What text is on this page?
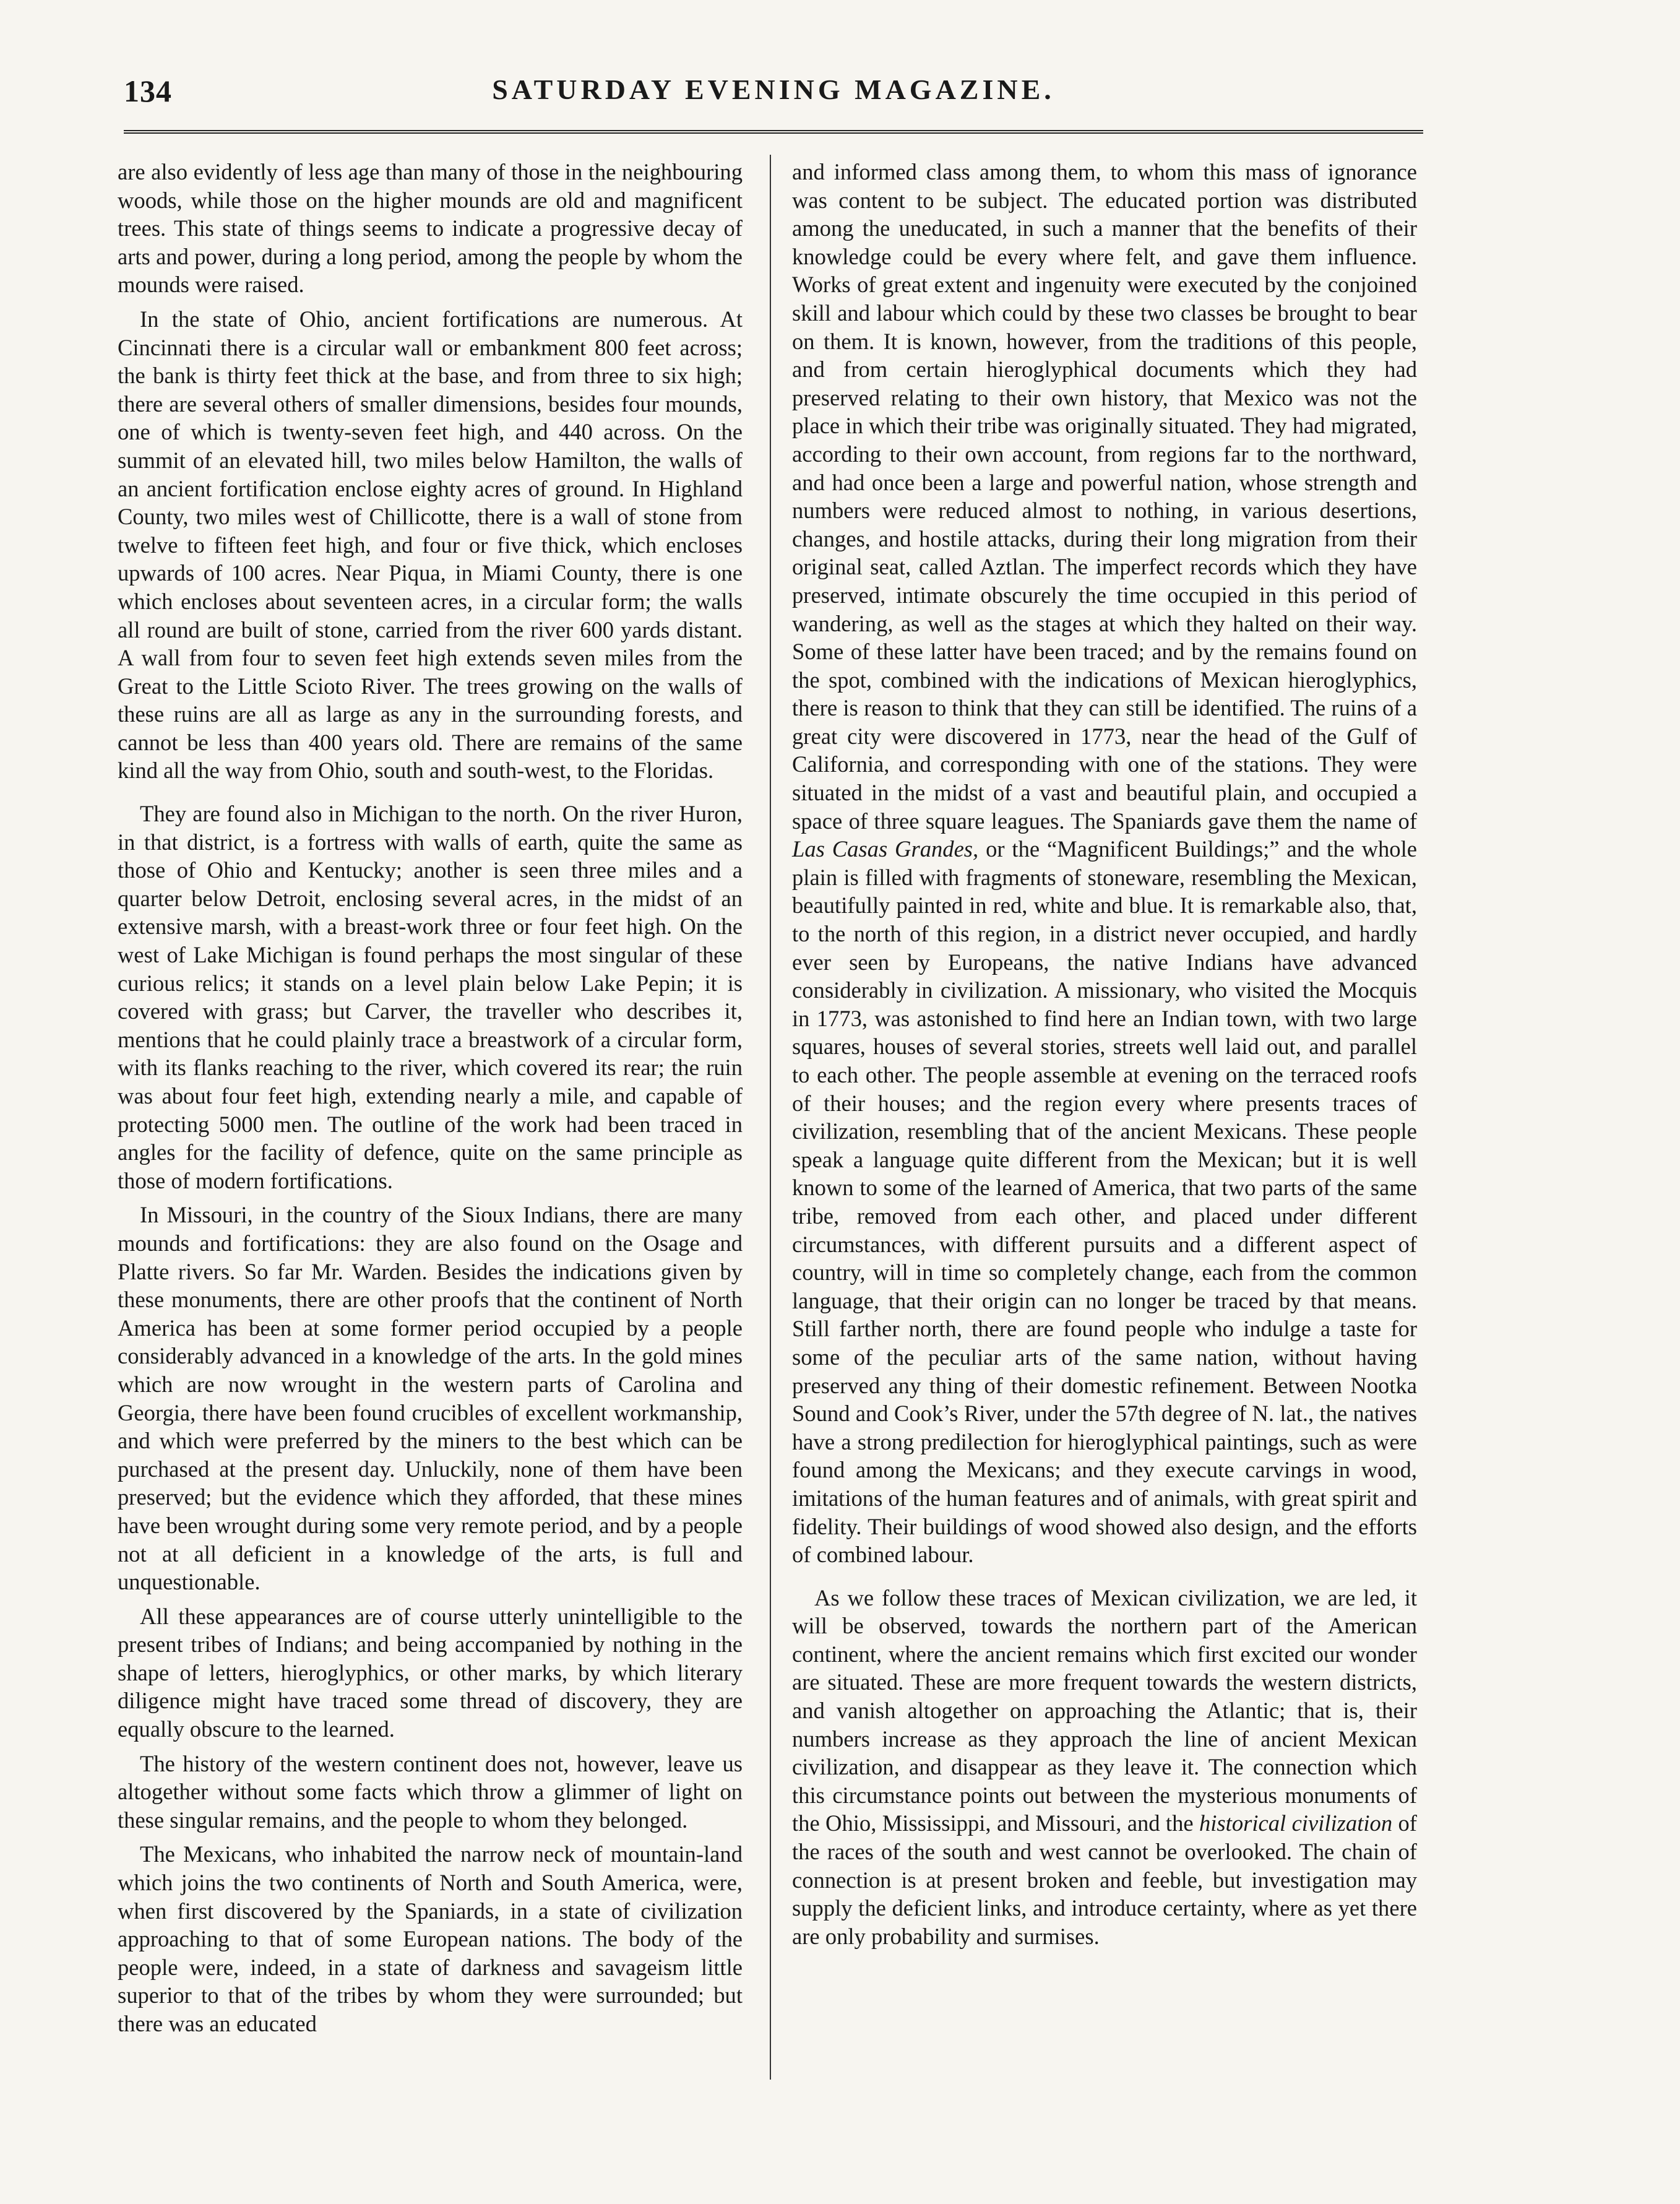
134	SATURDAY EVENING MAGAZINE.

are also evidently of less age than many of those in the neighbouring woods, while those on the higher mounds are old and magnificent trees. This state of things seems to indicate a progressive decay of arts and power, during a long period, among the people by whom the mounds were raised.

In the state of Ohio, ancient fortifications are numerous. At Cincinnati there is a circular wall or embankment 800 feet across; the bank is thirty feet thick at the base, and from three to six high; there are several others of smaller dimensions, besides four mounds, one of which is twenty-seven feet high, and 440 across. On the summit of an elevated hill, two miles below Hamilton, the walls of an ancient fortification enclose eighty acres of ground. In Highland County, two miles west of Chillicotte, there is a wall of stone from twelve to fifteen feet high, and four or five thick, which encloses upwards of 100 acres. Near Piqua, in Miami County, there is one which encloses about seventeen acres, in a circular form; the walls all round are built of stone, carried from the river 600 yards distant. A wall from four to seven feet high extends seven miles from the Great to the Little Scioto River. The trees growing on the walls of these ruins are all as large as any in the surrounding forests, and cannot be less than 400 years old. There are remains of the same kind all the way from Ohio, south and south-west, to the Floridas.

They are found also in Michigan to the north. On the river Huron, in that district, is a fortress with walls of earth, quite the same as those of Ohio and Kentucky; another is seen three miles and a quarter below Detroit, enclosing several acres, in the midst of an extensive marsh, with a breast-work three or four feet high. On the west of Lake Michigan is found perhaps the most singular of these curious relics; it stands on a level plain below Lake Pepin; it is covered with grass; but Carver, the traveller who describes it, mentions that he could plainly trace a breastwork of a circular form, with its flanks reaching to the river, which covered its rear; the ruin was about four feet high, extending nearly a mile, and capable of protecting 5000 men. The outline of the work had been traced in angles for the facility of defence, quite on the same principle as those of modern fortifications.

In Missouri, in the country of the Sioux Indians, there are many mounds and fortifications: they are also found on the Osage and Platte rivers. So far Mr. Warden. Besides the indications given by these monuments, there are other proofs that the continent of North America has been at some former period occupied by a people considerably advanced in a knowledge of the arts. In the gold mines which are now wrought in the western parts of Carolina and Georgia, there have been found crucibles of excellent workmanship, and which were preferred by the miners to the best which can be purchased at the present day. Unluckily, none of them have been preserved; but the evidence which they afforded, that these mines have been wrought during some very remote period, and by a people not at all deficient in a knowledge of the arts, is full and unquestionable.

All these appearances are of course utterly unintelligible to the present tribes of Indians; and being accompanied by nothing in the shape of letters, hieroglyphics, or other marks, by which literary diligence might have traced some thread of discovery, they are equally obscure to the learned.

The history of the western continent does not, however, leave us altogether without some facts which throw a glimmer of light on these singular remains, and the people to whom they belonged.

The Mexicans, who inhabited the narrow neck of mountain-land which joins the two continents of North and South America, were, when first discovered by the Spaniards, in a state of civilization approaching to that of some European nations. The body of the people were, indeed, in a state of darkness and savageism little superior to that of the tribes by whom they were surrounded; but there was an educated

and informed class among them, to whom this mass of ignorance was content to be subject. The educated portion was distributed among the uneducated, in such a manner that the benefits of their knowledge could be every where felt, and gave them influence. Works of great extent and ingenuity were executed by the conjoined skill and labour which could by these two classes be brought to bear on them. It is known, however, from the traditions of this people, and from certain hieroglyphical documents which they had preserved relating to their own history, that Mexico was not the place in which their tribe was originally situated. They had migrated, according to their own account, from regions far to the northward, and had once been a large and powerful nation, whose strength and numbers were reduced almost to nothing, in various desertions, changes, and hostile attacks, during their long migration from their original seat, called Aztlan. The imperfect records which they have preserved, intimate obscurely the time occupied in this period of wandering, as well as the stages at which they halted on their way. Some of these latter have been traced; and by the remains found on the spot, combined with the indications of Mexican hieroglyphics, there is reason to think that they can still be identified. The ruins of a great city were discovered in 1773, near the head of the Gulf of California, and corresponding with one of the stations. They were situated in the midst of a vast and beautiful plain, and occupied a space of three square leagues. The Spaniards gave them the name of Las Casas Grandes, or the “Magnificent Buildings;” and the whole plain is filled with fragments of stoneware, resembling the Mexican, beautifully painted in red, white and blue. It is remarkable also, that, to the north of this region, in a district never occupied, and hardly ever seen by Europeans, the native Indians have advanced considerably in civilization. A missionary, who visited the Mocquis in 1773, was astonished to find here an Indian town, with two large squares, houses of several stories, streets well laid out, and parallel to each other. The people assemble at evening on the terraced roofs of their houses; and the region every where presents traces of civilization, resembling that of the ancient Mexicans. These people speak a language quite different from the Mexican; but it is well known to some of the learned of America, that two parts of the same tribe, removed from each other, and placed under different circumstances, with different pursuits and a different aspect of country, will in time so completely change, each from the common language, that their origin can no longer be traced by that means. Still farther north, there are found people who indulge a taste for some of the peculiar arts of the same nation, without having preserved any thing of their domestic refinement. Between Nootka Sound and Cook’s River, under the 57th degree of N. lat., the natives have a strong predilection for hieroglyphical paintings, such as were found among the Mexicans; and they execute carvings in wood, imitations of the human features and of animals, with great spirit and fidelity. Their buildings of wood showed also design, and the efforts of combined labour.

As we follow these traces of Mexican civilization, we are led, it will be observed, towards the northern part of the American continent, where the ancient remains which first excited our wonder are situated. These are more frequent towards the western districts, and vanish altogether on approaching the Atlantic; that is, their numbers increase as they approach the line of ancient Mexican civilization, and disappear as they leave it. The connection which this circumstance points out between the mysterious monuments of the Ohio, Mississippi, and Missouri, and the historical civilization of the races of the south and west cannot be overlooked. The chain of connection is at present broken and feeble, but investigation may supply the deficient links, and introduce certainty, where as yet there are only probability and surmises.
